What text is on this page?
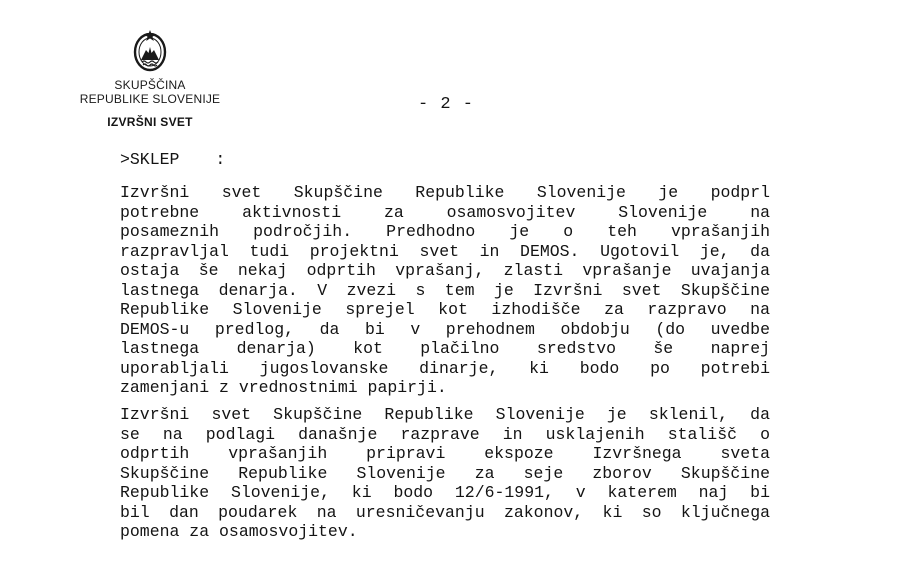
SKUPŠČINA
REPUBLIKE SLOVENIJE
IZVRŠNI SVET
- 2 -
>SKLEP :
Izvršni svet Skupščine Republike Slovenije je podprl
potrebne aktivnosti za osamosvojitev Slovenije na
posameznih področjih. Predhodno je o teh vprašanjih
razpravljal tudi projektni svet in DEMOS. Ugotovil je, da
ostaja še nekaj odprtih vprašanj, zlasti vprašanje uvajanja
lastnega denarja. V zvezi s tem je Izvršni svet Skupščine
Republike Slovenije sprejel kot izhodišče za razpravo na
DEMOS-u predlog, da bi v prehodnem obdobju (do uvedbe
lastnega denarja) kot plačilno sredstvo še naprej
uporabljali jugoslovanske dinarje, ki bodo po potrebi
zamenjani z vrednostnimi papirji.
Izvršni svet Skupščine Republike Slovenije je sklenil, da
se na podlagi današnje razprave in usklajenih stališč o
odprtih vprašanjih pripravi ekspoze Izvršnega sveta
Skupščine Republike Slovenije za seje zborov Skupščine
Republike Slovenije, ki bodo 12/6-1991, v katerem naj bi
bil dan poudarek na uresničevanju zakonov, ki so ključnega
pomena za osamosvojitev.
